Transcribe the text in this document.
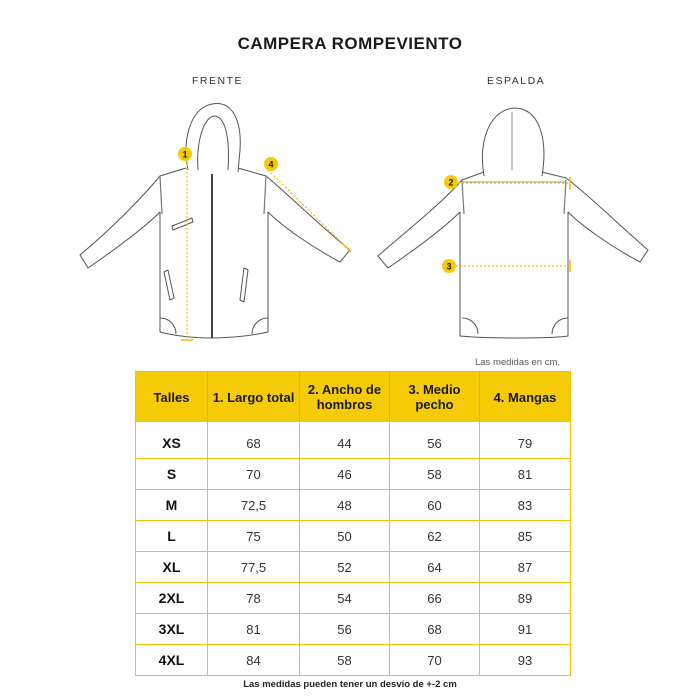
CAMPERA ROMPEVIENTO
FRENTE	ESPALDA
1
4
2
3
Las medidas en cm.
Talles	1. Largo total	2. Ancho de hombros	3. Medio pecho	4. Mangas
XS	68	44	56	79
S	70	46	58	81
M	72,5	48	60	83
L	75	50	62	85
XL	77,5	52	64	87
2XL	78	54	66	89
3XL	81	56	68	91
4XL	84	58	70	93
Las medidas pueden tener un desvío de +-2 cm
